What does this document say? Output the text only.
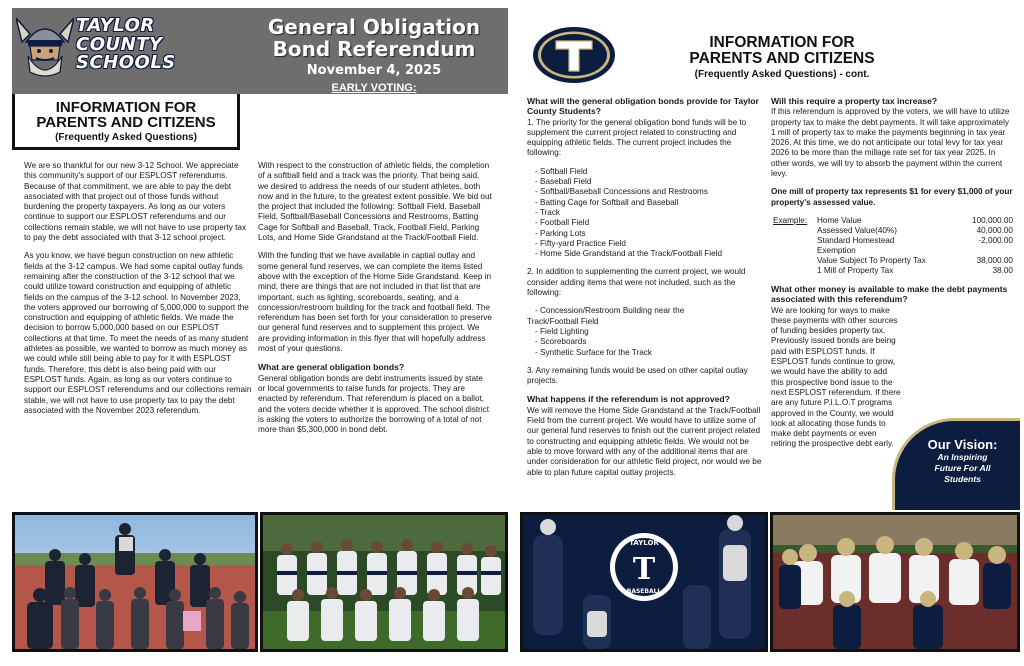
TAYLOR
COUNTY
SCHOOLS
General Obligation
Bond Referendum
November 4, 2025
EARLY VOTING:
Oct. 14 - Oct. 31
Saturdays Oct. 18 & Oct. 25
INFORMATION FOR
PARENTS AND CITIZENS
(Frequently Asked Questions)

We are so thankful for our new 3-12 School. We appreciate this community's support of our ESPLOST referendums. Because of that commitment, we are able to pay the debt associated with that project out of those funds without burdening the property taxpayers. As long as our voters continue to support our ESPLOST referendums and our collections remain stable, we will not have to use property tax to pay the debt associated with that 3-12 school project.

As you know, we have begun construction on new athletic fields at the 3-12 campus. We had some capital outlay funds remaining after the construction of the 3-12 school that we could utilize toward construction and equipping of athletic fields on the campus of the 3-12 school. In November 2023, the voters approved our borrowing of 5,000,000 to support the construction and equipping of athletic fields. We made the decision to borrow 5,000,000 based on our ESPLOST collections at that time. To meet the needs of as many student athletes as possible, we wanted to borrow as much money as we could while still being able to pay for it with ESPLOST funds. Therefore, this debt is also being paid with our ESPLOST funds. Again, as long as our voters continue to support our ESPLOST referendums and our collections remain stable, we will not have to use property tax to pay the debt associated with the November 2023 referendum.

With respect to the construction of athletic fields, the completion of a softball field and a track was the priority. That being said, we desired to address the needs of our student athletes, both now and in the future, to the greatest extent possible. We bid out the project that included the following: Softball Field, Baseball Field, Softball/Baseball Concessions and Restrooms, Batting Cage for Softball and Baseball, Track, Football Field, Parking Lots, and Home Side Grandstand at the Track/Football Field.

With the funding that we have available in captial outlay and some general fund reserves, we can complete the items listed above with the exception of the Home Side Grandstand. Keep in mind, there are things that are not included in that list that are important, such as lighting, scoreboards, seating, and a concession/restroom building for the track and football field. The referendum has been set forth for your consideration to preserve our general fund reserves and to supplement this project. We are providing information in this flyer that will hopefully address most of your questions.

What are general obligation bonds?

General obligation bonds are debt instruments issued by state or local governments to raise funds for projects. They are enacted by referendum. That referendum is placed on a ballot, and the voters decide whether it is approved. The school district is asking the voters to authorize the borrowing of a total of not more than $5,300,000 in bond debt.

INFORMATION FOR
PARENTS AND CITIZENS
(Frequently Asked Questions) - cont.
What will the general obligation bonds provide for Taylor County Students?

1. The priority for the general obligation bond funds will be to supplement the current project related to constructing and equipping athletic fields. The current project includes the following:

- Softball Field
- Baseball Field
- Softball/Baseball Concessions and Restrooms
- Batting Cage for Softball and Baseball
- Track
- Football Field
- Parking Lots
- Fifty-yard Practice Field
- Home Side Grandstand at the Track/Football Field

2. In addition to supplementing the current project, we would consider adding items that were not included, such as the following:

- Concession/Restroom Building near the
Track/Football Field
- Field Lighting
- Scoreboards
- Synthetic Surface for the Track

3. Any remaining funds would be used on other capital outlay projects.

What happens if the referendum is not approved?

We will remove the Home Side Grandstand at the Track/Football Field from the current project. We would have to utilize some of our general fund reserves to finish out the current project related to constructing and equipping athletic fields. We would not be able to move forward with any of the additional items that are under consideration for our athletic field project, nor would we be able to plan future capital outlay projects.

Will this require a property tax increase?

If this referendum is approved by the voters, we will have to utilize property tax to make the debt payments. It will take approximately 1 mill of property tax to make the payments beginning in tax year 2026. At this time, we do not anticipate our total levy for tax year 2026 to be more than the millage rate set for tax year 2025. In other words, we will try to absorb the payment within the current levy.

One mill of property tax represents $1 for every $1,000 of your property's assessed value.

Example:	Home Value	100,000.00
	Assessed Value(40%)	40,000.00
	Standard Homestead Exemption	-2,000.00
	Value Subject To Property Tax	38,000.00
	1 Mill of Property Tax	38.00
What other money is available to make the debt payments associated with this referendum?

We are looking for ways to make these payments with other sources of funding besides property tax. Previously issued bonds are being paid with ESPLOST funds. If ESPLOST funds continue to grow, we would have the ability to add this prospective bond issue to the next ESPLOST referendum. If there are any future P.I.L.O.T programs approved in the County, we would look at allocating those funds to make debt payments or even retiring the prospective debt early.	Our Vision:
An Inspiring
Future For All
Students
TAYLOR
T
BASEBALL
